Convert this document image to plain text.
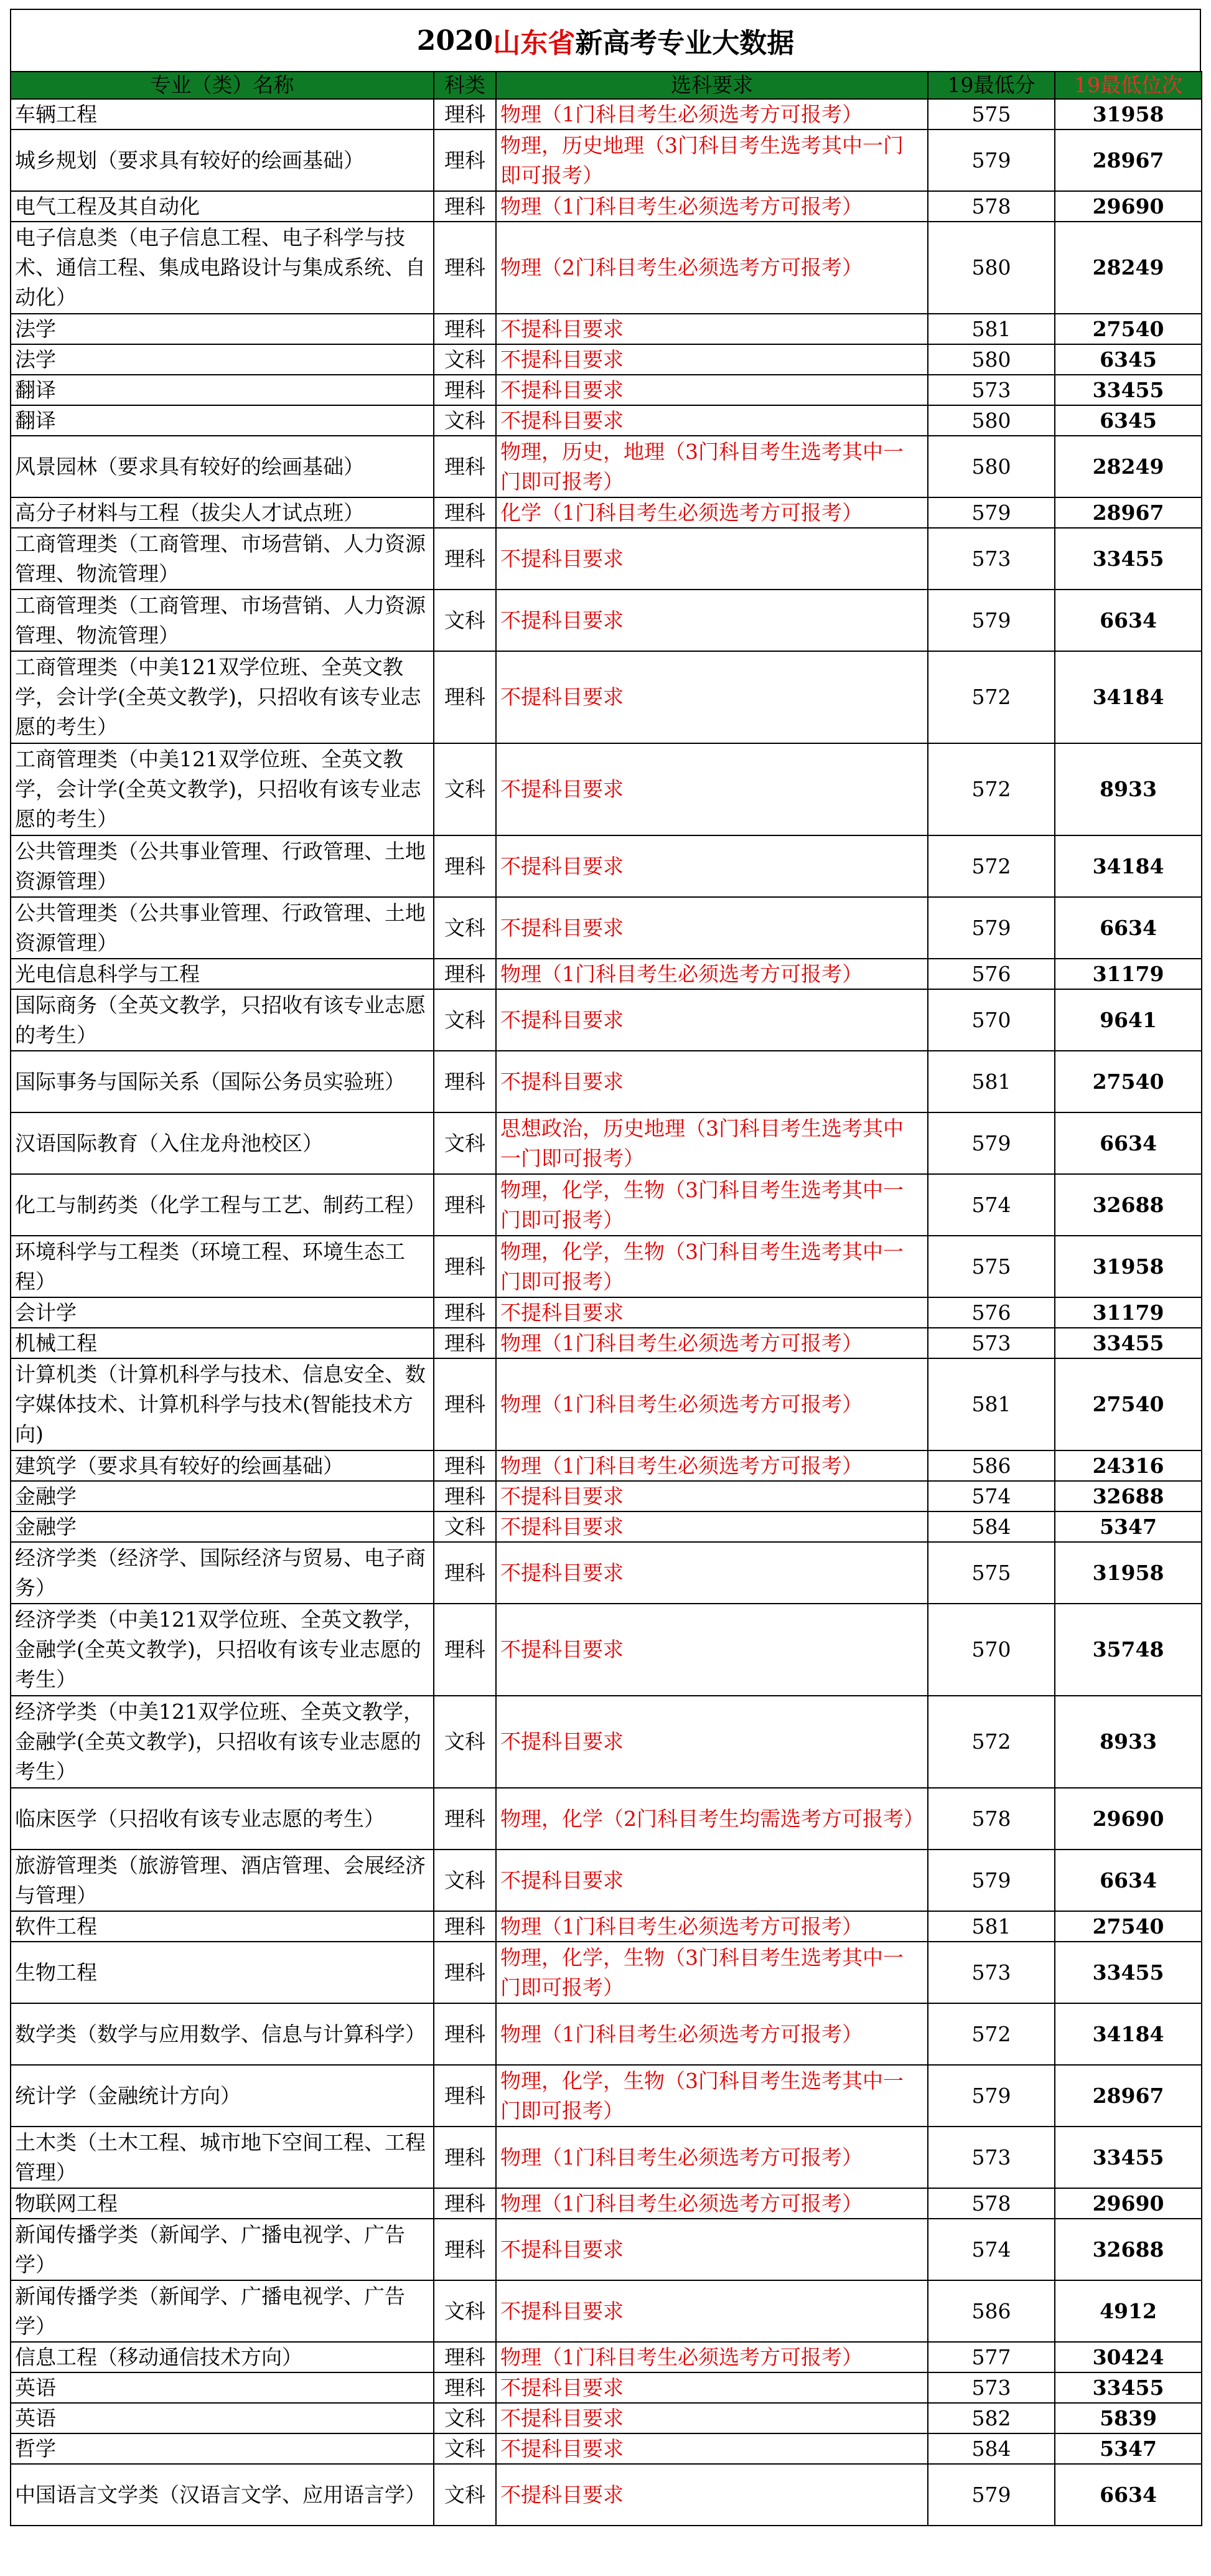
2020 山东省 新高考专业大数据
专业（类）名称	科类	选科要求	19最低分	19最低位次
车辆工程	理科	物理（1门科目考生必须选考方可报考）	575	31958
城乡规划（要求具有较好的绘画基础）	理科	物理，历史地理（3门科目考生选考其中一门即可报考）	579	28967
电气工程及其自动化	理科	物理（1门科目考生必须选考方可报考）	578	29690
电子信息类（电子信息工程、电子科学与技术、通信工程、集成电路设计与集成系统、自动化）	理科	物理（2门科目考生必须选考方可报考）	580	28249
法学	理科	不提科目要求	581	27540
法学	文科	不提科目要求	580	6345
翻译	理科	不提科目要求	573	33455
翻译	文科	不提科目要求	580	6345
风景园林（要求具有较好的绘画基础）	理科	物理，历史，地理（3门科目考生选考其中一门即可报考）	580	28249
高分子材料与工程（拔尖人才试点班）	理科	化学（1门科目考生必须选考方可报考）	579	28967
工商管理类（工商管理、市场营销、人力资源管理、物流管理）	理科	不提科目要求	573	33455
工商管理类（工商管理、市场营销、人力资源管理、物流管理）	文科	不提科目要求	579	6634
工商管理类（中美121双学位班、全英文教学，会计学(全英文教学)，只招收有该专业志愿的考生）	理科	不提科目要求	572	34184
工商管理类（中美121双学位班、全英文教学，会计学(全英文教学)，只招收有该专业志愿的考生）	文科	不提科目要求	572	8933
公共管理类（公共事业管理、行政管理、土地资源管理）	理科	不提科目要求	572	34184
公共管理类（公共事业管理、行政管理、土地资源管理）	文科	不提科目要求	579	6634
光电信息科学与工程	理科	物理（1门科目考生必须选考方可报考）	576	31179
国际商务（全英文教学，只招收有该专业志愿的考生）	文科	不提科目要求	570	9641
国际事务与国际关系（国际公务员实验班）	理科	不提科目要求	581	27540
汉语国际教育（入住龙舟池校区）	文科	思想政治，历史地理（3门科目考生选考其中一门即可报考）	579	6634
化工与制药类（化学工程与工艺、制药工程）	理科	物理，化学，生物（3门科目考生选考其中一门即可报考）	574	32688
环境科学与工程类（环境工程、环境生态工程）	理科	物理，化学，生物（3门科目考生选考其中一门即可报考）	575	31958
会计学	理科	不提科目要求	576	31179
机械工程	理科	物理（1门科目考生必须选考方可报考）	573	33455
计算机类（计算机科学与技术、信息安全、数字媒体技术、计算机科学与技术(智能技术方向)	理科	物理（1门科目考生必须选考方可报考）	581	27540
建筑学（要求具有较好的绘画基础）	理科	物理（1门科目考生必须选考方可报考）	586	24316
金融学	理科	不提科目要求	574	32688
金融学	文科	不提科目要求	584	5347
经济学类（经济学、国际经济与贸易、电子商务）	理科	不提科目要求	575	31958
经济学类（中美121双学位班、全英文教学，金融学(全英文教学)，只招收有该专业志愿的考生）	理科	不提科目要求	570	35748
经济学类（中美121双学位班、全英文教学，金融学(全英文教学)，只招收有该专业志愿的考生）	文科	不提科目要求	572	8933
临床医学（只招收有该专业志愿的考生）	理科	物理，化学（2门科目考生均需选考方可报考）	578	29690
旅游管理类（旅游管理、酒店管理、会展经济与管理）	文科	不提科目要求	579	6634
软件工程	理科	物理（1门科目考生必须选考方可报考）	581	27540
生物工程	理科	物理，化学，生物（3门科目考生选考其中一门即可报考）	573	33455
数学类（数学与应用数学、信息与计算科学）	理科	物理（1门科目考生必须选考方可报考）	572	34184
统计学（金融统计方向）	理科	物理，化学，生物（3门科目考生选考其中一门即可报考）	579	28967
土木类（土木工程、城市地下空间工程、工程管理）	理科	物理（1门科目考生必须选考方可报考）	573	33455
物联网工程	理科	物理（1门科目考生必须选考方可报考）	578	29690
新闻传播学类（新闻学、广播电视学、广告学）	理科	不提科目要求	574	32688
新闻传播学类（新闻学、广播电视学、广告学）	文科	不提科目要求	586	4912
信息工程（移动通信技术方向）	理科	物理（1门科目考生必须选考方可报考）	577	30424
英语	理科	不提科目要求	573	33455
英语	文科	不提科目要求	582	5839
哲学	文科	不提科目要求	584	5347
中国语言文学类（汉语言文学、应用语言学）	文科	不提科目要求	579	6634
